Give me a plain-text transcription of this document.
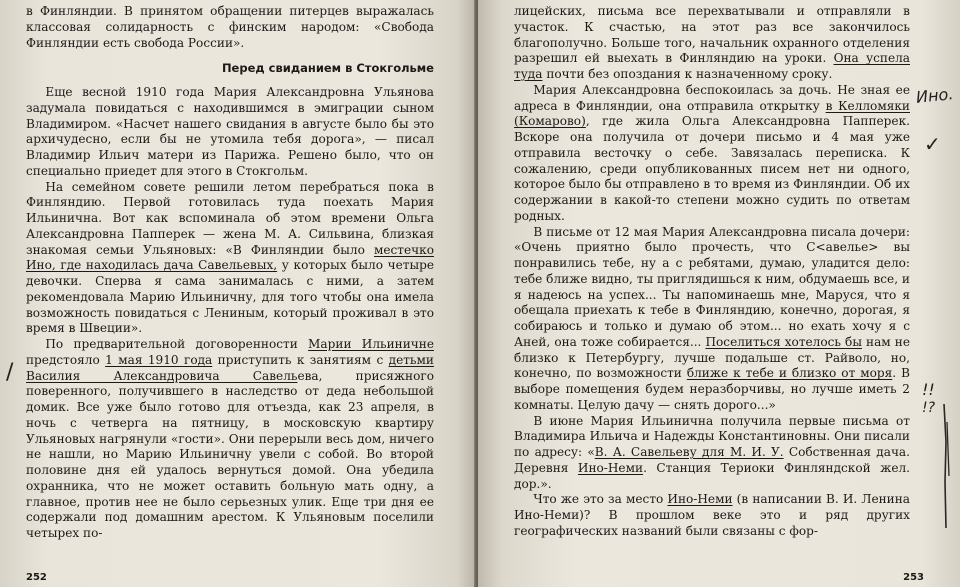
в Финляндии. В принятом обращении питерцев выражалась классовая солидарность с финским народом: «Свобода Финляндии есть свобода России».

Перед свиданием в Стокгольме

Еще весной 1910 года Мария Александровна Ульянова задумала повидаться с находившимся в эмиграции сыном Владимиром. «Насчет нашего свидания в августе было бы это архичудесно, если бы не утомила тебя дорога», — писал Владимир Ильич матери из Парижа. Решено было, что он специально приедет для этого в Стокгольм.

На семейном совете решили летом перебраться пока в Финляндию. Первой готовилась туда поехать Мария Ильинична. Вот как вспоминала об этом времени Ольга Александровна Папперек — жена М. А. Сильвина, близкая знакомая семьи Ульяновых: «В Финляндии было местечко Ино, где находилась дача Савельевых, у которых было четыре девочки. Сперва я сама занималась с ними, а затем рекомендовала Марию Ильиничну, для того чтобы она имела возможность повидаться с Лениным, который проживал в это время в Швеции».

По предварительной договоренности Марии Ильиничне предстояло 1 мая 1910 года приступить к занятиям с детьми Василия Александровича Савельева, присяжного поверенного, получившего в наследство от деда небольшой домик. Все уже было готово для отъезда, как 23 апреля, в ночь с четверга на пятницу, в московскую квартиру Ульяновых нагрянули «гости». Они перерыли весь дом, ничего не нашли, но Марию Ильиничну увели с собой. Во второй половине дня ей удалось вернуться домой. Она убедила охранника, что не может оставить больную мать одну, а главное, против нее не было серьезных улик. Еще три дня ее содержали под домашним арестом. К Ульяновым поселили четырех по-

252

лицейских, письма все перехватывали и отправляли в участок. К счастью, на этот раз все закончилось благополучно. Больше того, начальник охранного отделения разрешил ей выехать в Финляндию на уроки. Она успела туда почти без опоздания к назначенному сроку.

Мария Александровна беспокоилась за дочь. Не зная ее адреса в Финляндии, она отправила открытку в Келломяки (Комарово), где жила Ольга Александровна Папперек. Вскоре она получила от дочери письмо и 4 мая уже отправила весточку о себе. Завязалась переписка. К сожалению, среди опубликованных писем нет ни одного, которое было бы отправлено в то время из Финляндии. Об их содержании в какой-то степени можно судить по ответам родных.

В письме от 12 мая Мария Александровна писала дочери: «Очень приятно было прочесть, что С<авелье> вы понравились тебе, ну а с ребятами, думаю, уладится дело: тебе ближе видно, ты приглядишься к ним, обдумаешь все, и я надеюсь на успех... Ты напоминаешь мне, Маруся, что я обещала приехать к тебе в Финляндию, конечно, дорогая, я собираюсь и только и думаю об этом... но ехать хочу я с Аней, она тоже собирается... Поселиться хотелось бы нам не близко к Петербургу, лучше подальше ст. Райволо, но, конечно, по возможности ближе к тебе и близко от моря. В выборе помещения будем неразборчивы, но лучше иметь 2 комнаты. Целую дачу — снять дорого...»

В июне Мария Ильинична получила первые письма от Владимира Ильича и Надежды Константиновны. Они писали по адресу: «В. А. Савельеву для М. И. У. Собственная дача. Деревня Ино-Неми. Станция Териоки Финляндской жел. дор.».

Что же это за место Ино-Неми (в написании В. И. Ленина Ино-Неми)? В прошлом веке это и ряд других географических названий были связаны с фор-

253
Ино.
✓
!!
!?
/
